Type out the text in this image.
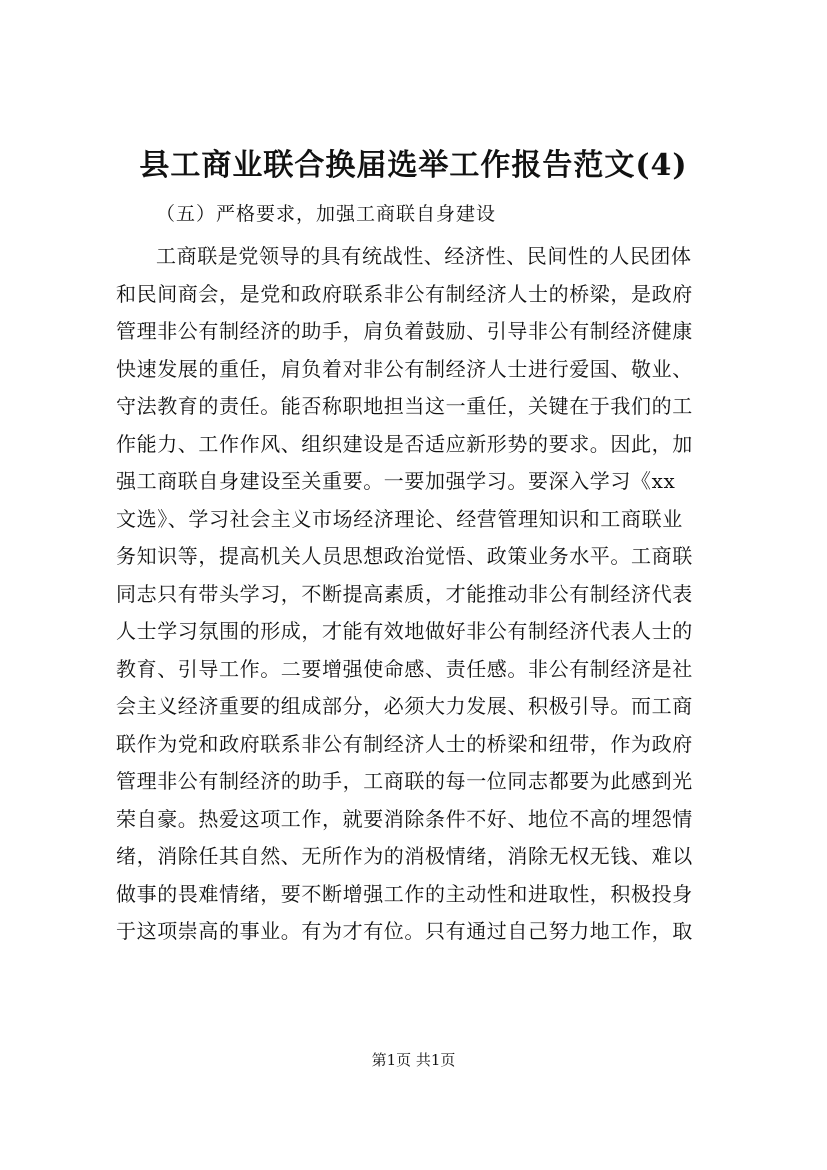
县工商业联合换届选举工作报告范文(4)
（五）严格要求，加强工商联自身建设
工商联是党领导的具有统战性、经济性、民间性的人民团体
和民间商会，是党和政府联系非公有制经济人士的桥梁，是政府
管理非公有制经济的助手，肩负着鼓励、引导非公有制经济健康
快速发展的重任，肩负着对非公有制经济人士进行爱国、敬业、
守法教育的责任。能否称职地担当这一重任，关键在于我们的工
作能力、工作作风、组织建设是否适应新形势的要求。因此，加
强工商联自身建设至关重要。一要加强学习。要深入学习《xx
文选》、学习社会主义市场经济理论、经营管理知识和工商联业
务知识等，提高机关人员思想政治觉悟、政策业务水平。工商联
同志只有带头学习，不断提高素质，才能推动非公有制经济代表
人士学习氛围的形成，才能有效地做好非公有制经济代表人士的
教育、引导工作。二要增强使命感、责任感。非公有制经济是社
会主义经济重要的组成部分，必须大力发展、积极引导。而工商
联作为党和政府联系非公有制经济人士的桥梁和纽带，作为政府
管理非公有制经济的助手，工商联的每一位同志都要为此感到光
荣自豪。热爱这项工作，就要消除条件不好、地位不高的埋怨情
绪，消除任其自然、无所作为的消极情绪，消除无权无钱、难以
做事的畏难情绪，要不断增强工作的主动性和进取性，积极投身
于这项崇高的事业。有为才有位。只有通过自己努力地工作，取
第1页 共1页
